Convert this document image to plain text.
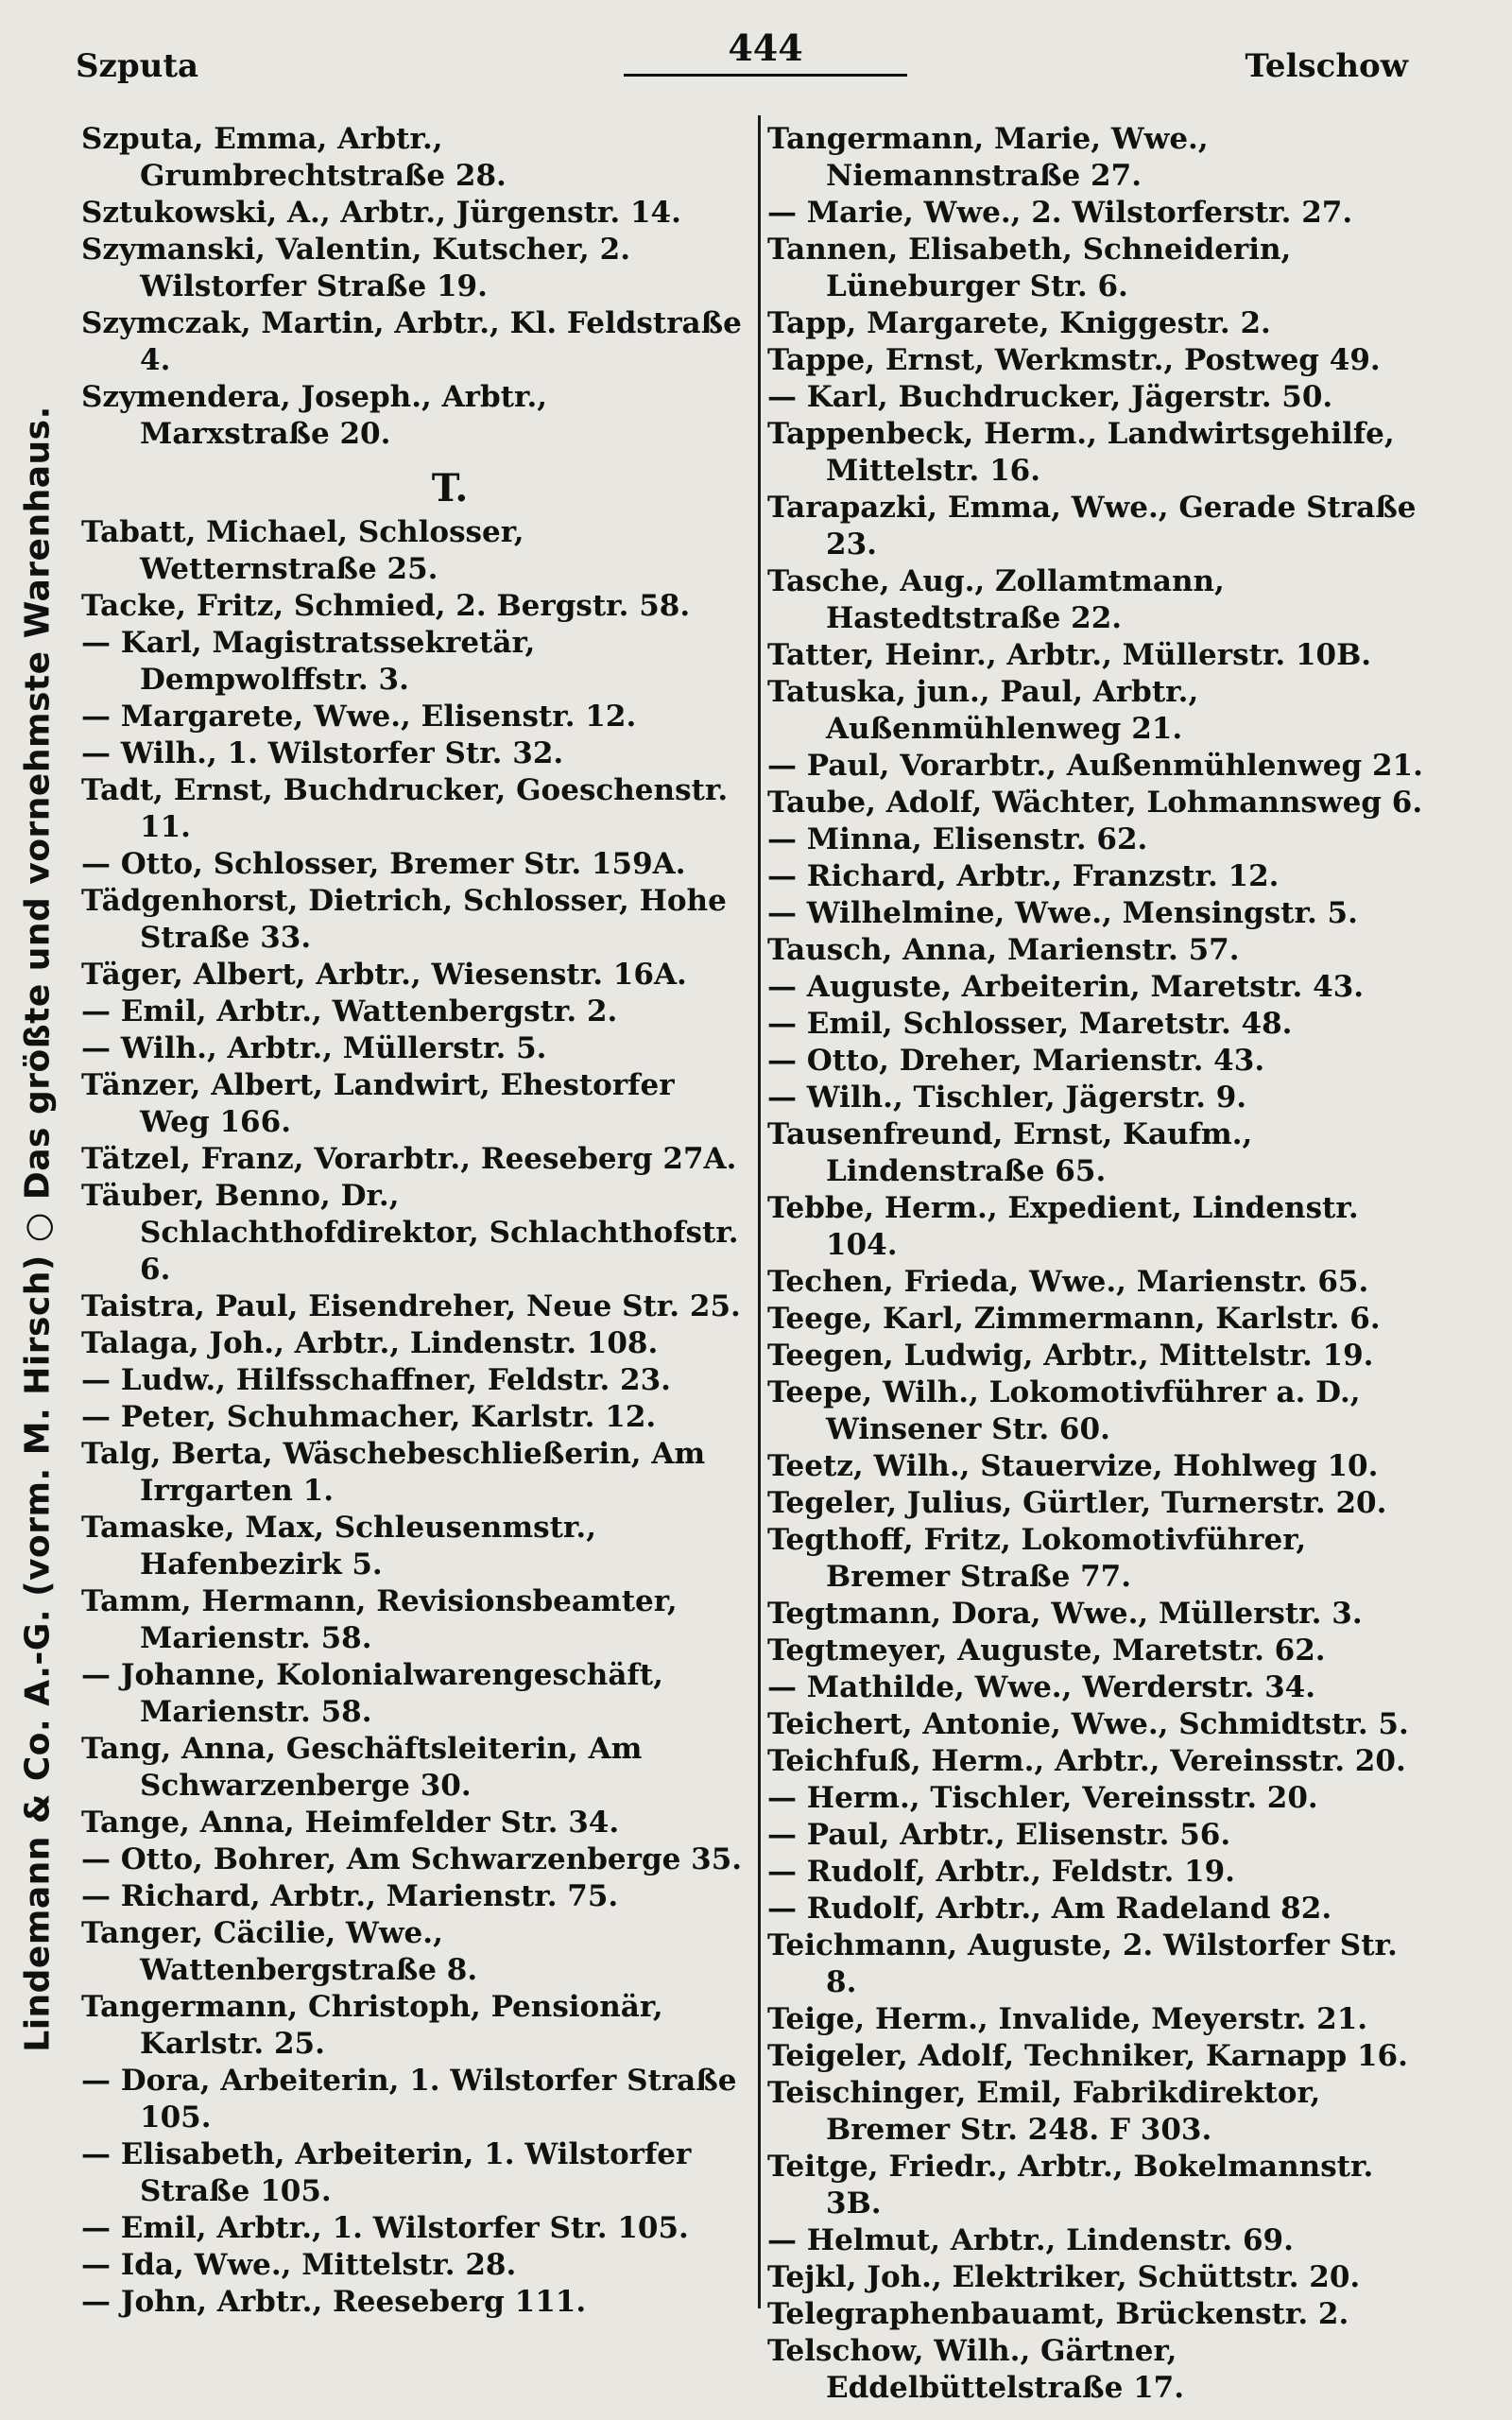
Szputa	444	Telschow
Lindemann & Co. A.-G. (vorm. M. Hirsch) ○ Das größte und vornehmste Warenhaus.

Szputa, Emma, Arbtr., Grumbrechtstraße 28.

Sztukowski, A., Arbtr., Jürgenstr. 14.

Szymanski, Valentin, Kutscher, 2. Wilstorfer Straße 19.

Szymczak, Martin, Arbtr., Kl. Feldstraße 4.

Szymendera, Joseph., Arbtr., Marxstraße 20.

T.

Tabatt, Michael, Schlosser, Wetternstraße 25.

Tacke, Fritz, Schmied, 2. Bergstr. 58.

— Karl, Magistratssekretär, Dempwolffstr. 3.

— Margarete, Wwe., Elisenstr. 12.

— Wilh., 1. Wilstorfer Str. 32.

Tadt, Ernst, Buchdrucker, Goeschenstr. 11.

— Otto, Schlosser, Bremer Str. 159A.

Tädgenhorst, Dietrich, Schlosser, Hohe Straße 33.

Täger, Albert, Arbtr., Wiesenstr. 16A.

— Emil, Arbtr., Wattenbergstr. 2.

— Wilh., Arbtr., Müllerstr. 5.

Tänzer, Albert, Landwirt, Ehestorfer Weg 166.

Tätzel, Franz, Vorarbtr., Reeseberg 27A.

Täuber, Benno, Dr., Schlachthofdirektor, Schlachthofstr. 6.

Taistra, Paul, Eisendreher, Neue Str. 25.

Talaga, Joh., Arbtr., Lindenstr. 108.

— Ludw., Hilfsschaffner, Feldstr. 23.

— Peter, Schuhmacher, Karlstr. 12.

Talg, Berta, Wäschebeschließerin, Am Irrgarten 1.

Tamaske, Max, Schleusenmstr., Hafenbezirk 5.

Tamm, Hermann, Revisionsbeamter, Marienstr. 58.

— Johanne, Kolonialwarengeschäft, Marienstr. 58.

Tang, Anna, Geschäftsleiterin, Am Schwarzenberge 30.

Tange, Anna, Heimfelder Str. 34.

— Otto, Bohrer, Am Schwarzenberge 35.

— Richard, Arbtr., Marienstr. 75.

Tanger, Cäcilie, Wwe., Wattenbergstraße 8.

Tangermann, Christoph, Pensionär, Karlstr. 25.

— Dora, Arbeiterin, 1. Wilstorfer Straße 105.

— Elisabeth, Arbeiterin, 1. Wilstorfer Straße 105.

— Emil, Arbtr., 1. Wilstorfer Str. 105.

— Ida, Wwe., Mittelstr. 28.

— John, Arbtr., Reeseberg 111.

Tangermann, Marie, Wwe., Niemannstraße 27.

— Marie, Wwe., 2. Wilstorferstr. 27.

Tannen, Elisabeth, Schneiderin, Lüneburger Str. 6.

Tapp, Margarete, Kniggestr. 2.

Tappe, Ernst, Werkmstr., Postweg 49.

— Karl, Buchdrucker, Jägerstr. 50.

Tappenbeck, Herm., Landwirtsgehilfe, Mittelstr. 16.

Tarapazki, Emma, Wwe., Gerade Straße 23.

Tasche, Aug., Zollamtmann, Hastedtstraße 22.

Tatter, Heinr., Arbtr., Müllerstr. 10B.

Tatuska, jun., Paul, Arbtr., Außenmühlenweg 21.

— Paul, Vorarbtr., Außenmühlenweg 21.

Taube, Adolf, Wächter, Lohmannsweg 6.

— Minna, Elisenstr. 62.

— Richard, Arbtr., Franzstr. 12.

— Wilhelmine, Wwe., Mensingstr. 5.

Tausch, Anna, Marienstr. 57.

— Auguste, Arbeiterin, Maretstr. 43.

— Emil, Schlosser, Maretstr. 48.

— Otto, Dreher, Marienstr. 43.

— Wilh., Tischler, Jägerstr. 9.

Tausenfreund, Ernst, Kaufm., Lindenstraße 65.

Tebbe, Herm., Expedient, Lindenstr. 104.

Techen, Frieda, Wwe., Marienstr. 65.

Teege, Karl, Zimmermann, Karlstr. 6.

Teegen, Ludwig, Arbtr., Mittelstr. 19.

Teepe, Wilh., Lokomotivführer a. D., Winsener Str. 60.

Teetz, Wilh., Stauervize, Hohlweg 10.

Tegeler, Julius, Gürtler, Turnerstr. 20.

Tegthoff, Fritz, Lokomotivführer, Bremer Straße 77.

Tegtmann, Dora, Wwe., Müllerstr. 3.

Tegtmeyer, Auguste, Maretstr. 62.

— Mathilde, Wwe., Werderstr. 34.

Teichert, Antonie, Wwe., Schmidtstr. 5.

Teichfuß, Herm., Arbtr., Vereinsstr. 20.

— Herm., Tischler, Vereinsstr. 20.

— Paul, Arbtr., Elisenstr. 56.

— Rudolf, Arbtr., Feldstr. 19.

— Rudolf, Arbtr., Am Radeland 82.

Teichmann, Auguste, 2. Wilstorfer Str. 8.

Teige, Herm., Invalide, Meyerstr. 21.

Teigeler, Adolf, Techniker, Karnapp 16.

Teischinger, Emil, Fabrikdirektor, Bremer Str. 248. F 303.

Teitge, Friedr., Arbtr., Bokelmannstr. 3B.

— Helmut, Arbtr., Lindenstr. 69.

Tejkl, Joh., Elektriker, Schüttstr. 20.

Telegraphenbauamt, Brückenstr. 2.

Telschow, Wilh., Gärtner, Eddelbüttelstraße 17.
